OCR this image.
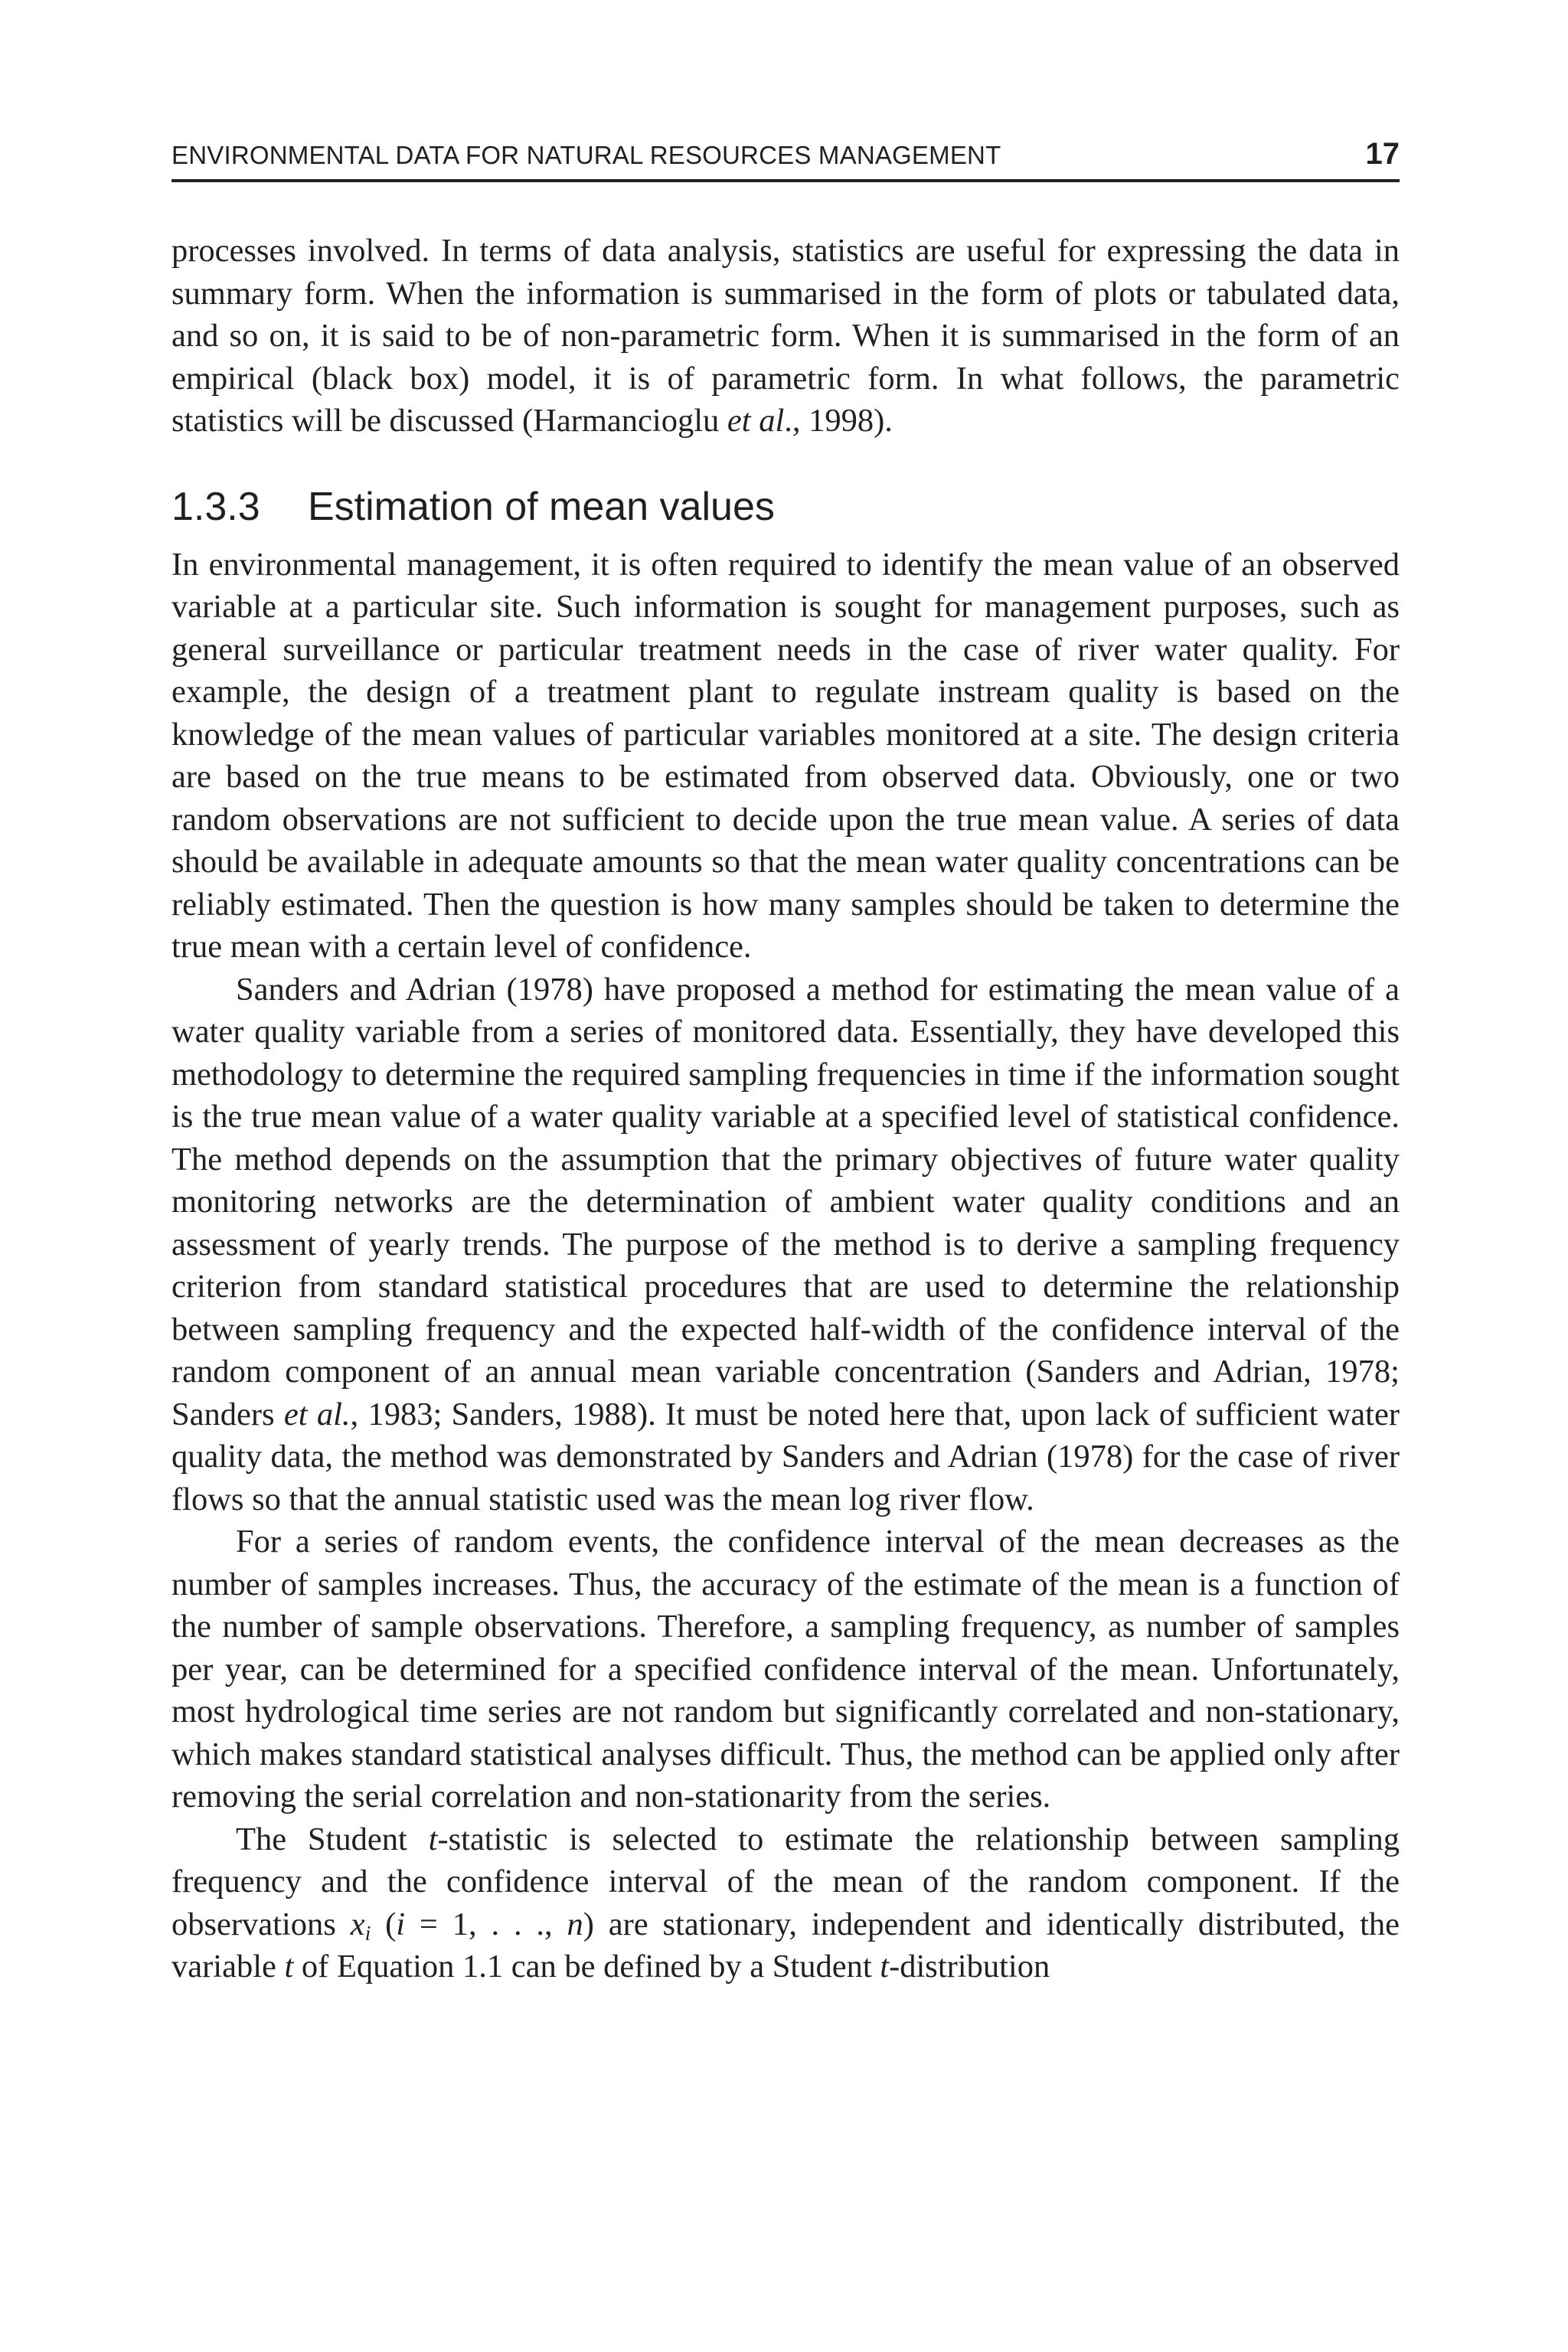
ENVIRONMENTAL DATA FOR NATURAL RESOURCES MANAGEMENT	17

processes involved. In terms of data analysis, statistics are useful for expressing the data in summary form. When the information is summarised in the form of plots or tabulated data, and so on, it is said to be of non-parametric form. When it is summarised in the form of an empirical (black box) model, it is of parametric form. In what follows, the parametric statistics will be discussed (Harmancioglu et al., 1998).

1.3.3 Estimation of mean values

In environmental management, it is often required to identify the mean value of an observed variable at a particular site. Such information is sought for management purposes, such as general surveillance or particular treatment needs in the case of river water quality. For example, the design of a treatment plant to regulate instream quality is based on the knowledge of the mean values of particular variables monitored at a site. The design criteria are based on the true means to be estimated from observed data. Obviously, one or two random observations are not sufficient to decide upon the true mean value. A series of data should be available in adequate amounts so that the mean water quality concentrations can be reliably estimated. Then the question is how many samples should be taken to determine the true mean with a certain level of confidence.

Sanders and Adrian (1978) have proposed a method for estimating the mean value of a water quality variable from a series of monitored data. Essentially, they have developed this methodology to determine the required sampling frequencies in time if the information sought is the true mean value of a water quality variable at a specified level of statistical confidence. The method depends on the assumption that the primary objectives of future water quality monitoring networks are the determination of ambient water quality conditions and an assessment of yearly trends. The purpose of the method is to derive a sampling frequency criterion from standard statistical procedures that are used to determine the relationship between sampling frequency and the expected half-width of the confidence interval of the random component of an annual mean variable concentration (Sanders and Adrian, 1978; Sanders et al., 1983; Sanders, 1988). It must be noted here that, upon lack of sufficient water quality data, the method was demonstrated by Sanders and Adrian (1978) for the case of river flows so that the annual statistic used was the mean log river flow.

For a series of random events, the confidence interval of the mean decreases as the number of samples increases. Thus, the accuracy of the estimate of the mean is a function of the number of sample observations. Therefore, a sampling frequency, as number of samples per year, can be determined for a specified confidence interval of the mean. Unfortunately, most hydrological time series are not random but significantly correlated and non-stationary, which makes standard statistical analyses difficult. Thus, the method can be applied only after removing the serial correlation and non-stationarity from the series.

The Student t-statistic is selected to estimate the relationship between sampling frequency and the confidence interval of the mean of the random component. If the observations $x_i$ (i = 1, . . ., n) are stationary, independent and identically distributed, the variable t of Equation 1.1 can be defined by a Student t-distribution
